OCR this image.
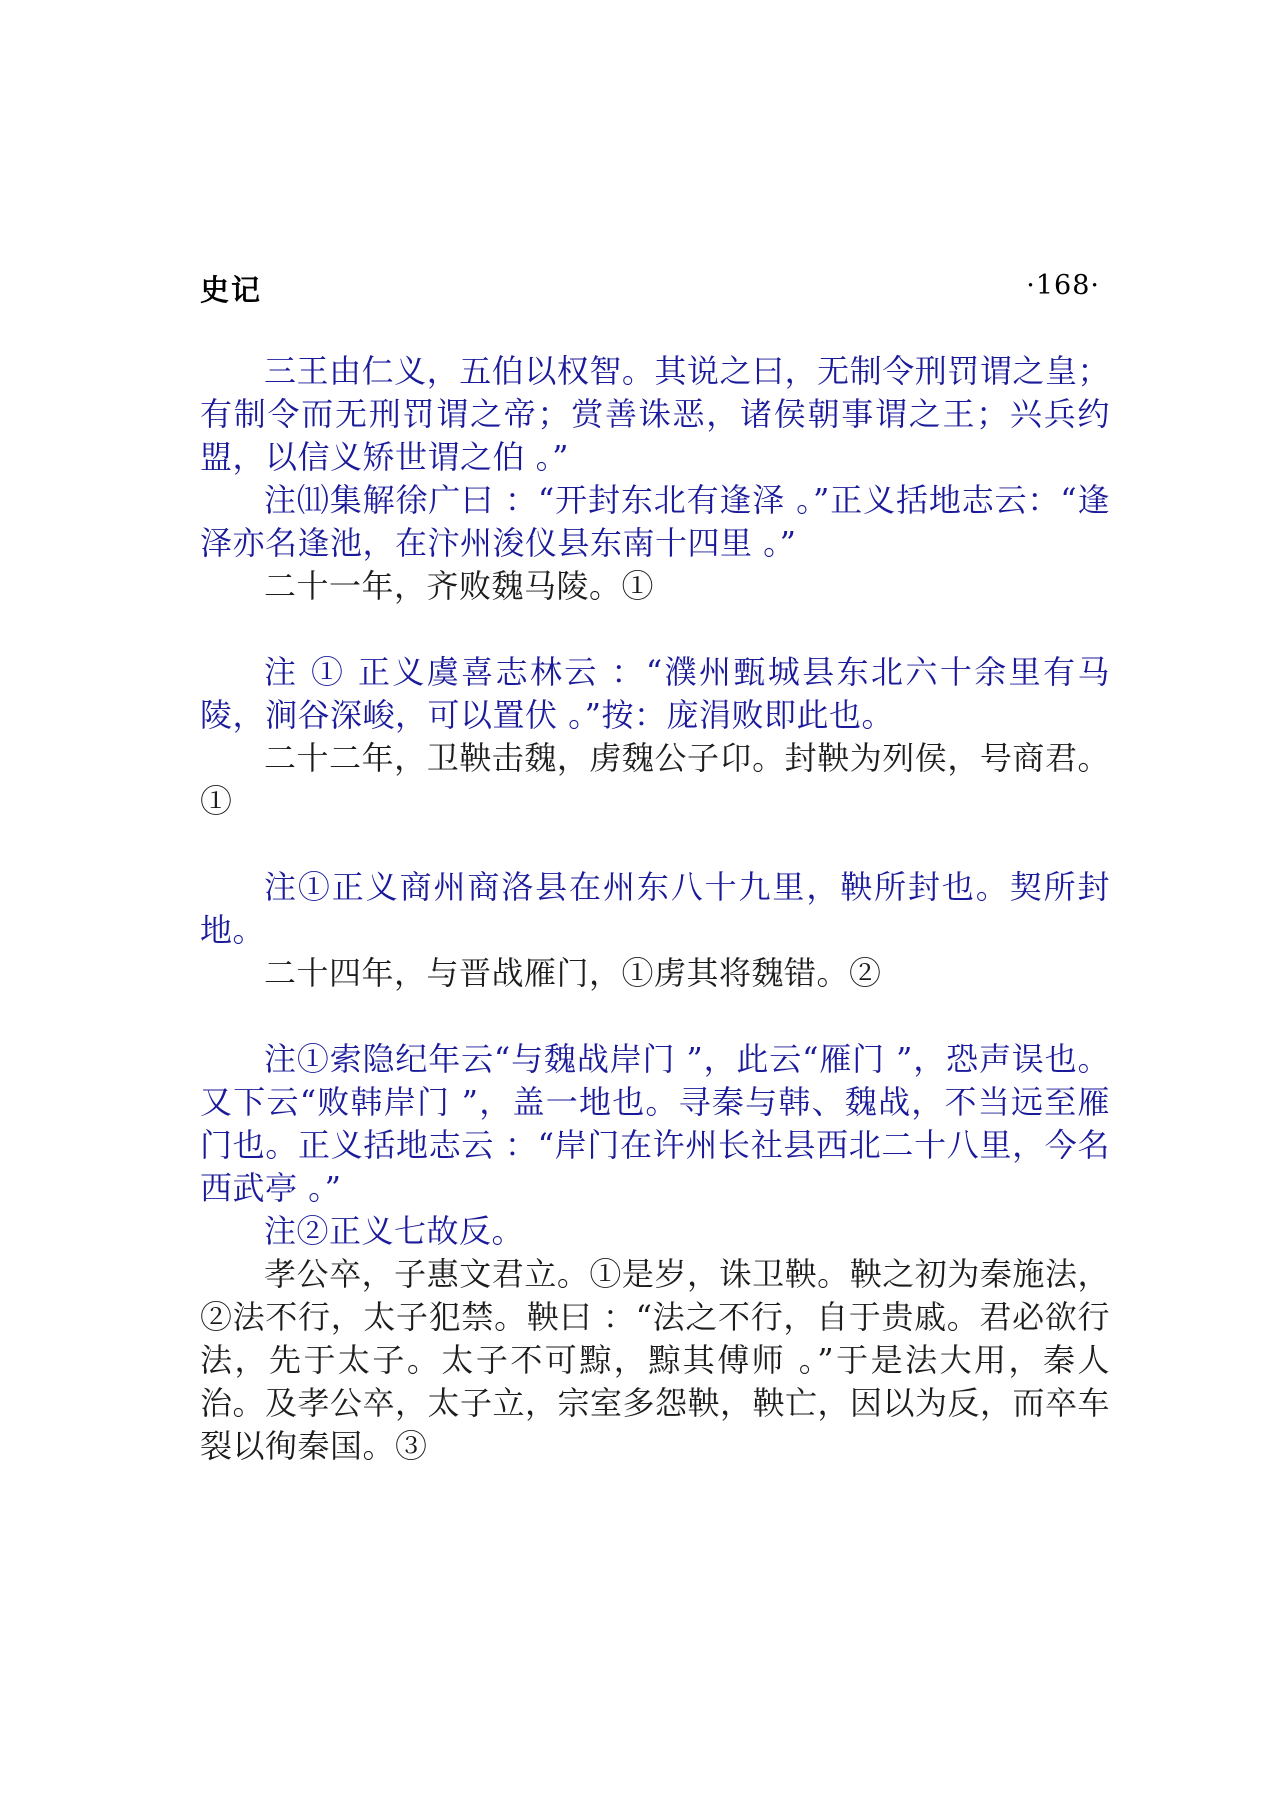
史记	·168·

三王由仁义，五伯以权智。其说之曰，无制令刑罚谓之皇；有制令而无刑罚谓之帝；赏善诛恶，诸侯朝事谓之王；兴兵约盟，以信义矫世谓之伯 。”

注⑾集解徐广曰 ：“开封东北有逢泽 。”正义括地志云：“逢泽亦名逢池，在汴州浚仪县东南十四里 。”

二十一年，齐败魏马陵。①

注 ① 正义虞喜志林云 ：“濮州甄城县东北六十余里有马陵，涧谷深峻，可以置伏 。”按：庞涓败即此也。

二十二年，卫鞅击魏，虏魏公子卬。封鞅为列侯，号商君。①

注①正义商州商洛县在州东八十九里，鞅所封也。契所封地。

二十四年，与晋战雁门，①虏其将魏错。②

注①索隐纪年云“与魏战岸门 ”，此云“雁门 ”，恐声误也。又下云“败韩岸门 ”，盖一地也。寻秦与韩、魏战，不当远至雁门也。正义括地志云 ：“岸门在许州长社县西北二十八里，今名西武亭 。”

注②正义七故反。

孝公卒，子惠文君立。①是岁，诛卫鞅。鞅之初为秦施法，②法不行，太子犯禁。鞅曰 ：“法之不行，自于贵戚。君必欲行法，先于太子。太子不可黥，黥其傅师 。”于是法大用，秦人治。及孝公卒，太子立，宗室多怨鞅，鞅亡，因以为反，而卒车裂以徇秦国。③
